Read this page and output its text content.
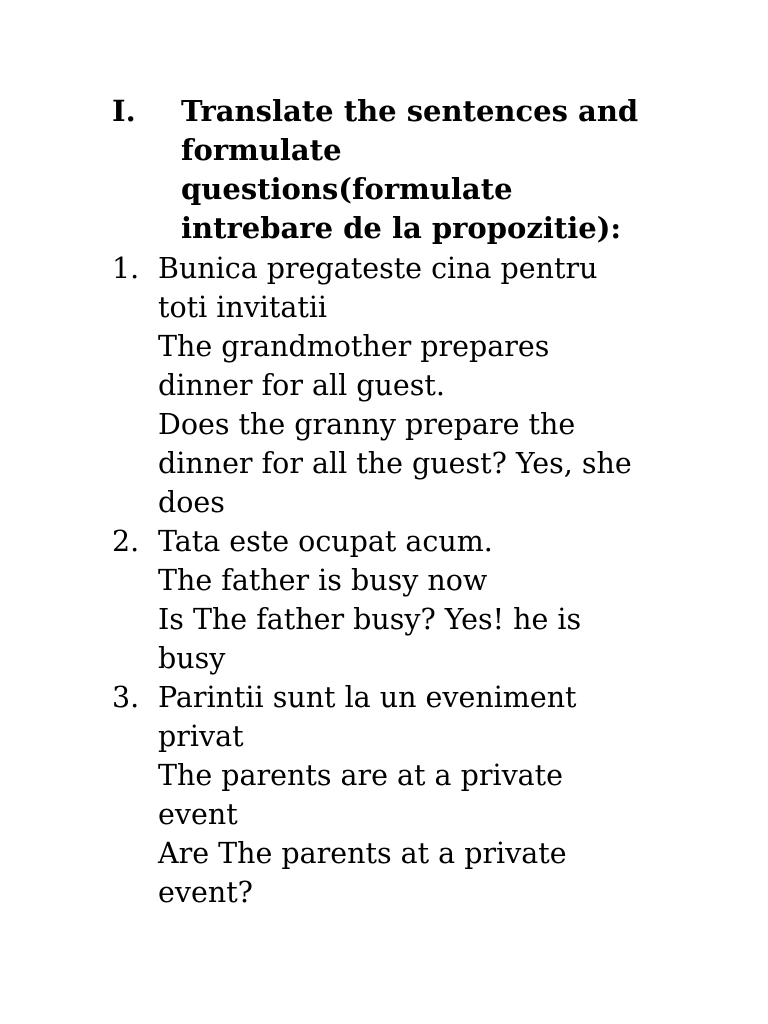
I. Translate the sentences and
formulate
questions(formulate
intrebare de la propozitie):
1. Bunica pregateste cina pentru
toti invitatii
The grandmother prepares
dinner for all guest.
Does the granny prepare the
dinner for all the guest? Yes, she
does
2. Tata este ocupat acum.
The father is busy now
Is The father busy? Yes! he is
busy
3. Parintii sunt la un eveniment
privat
The parents are at a private
event
Are The parents at a private
event?
